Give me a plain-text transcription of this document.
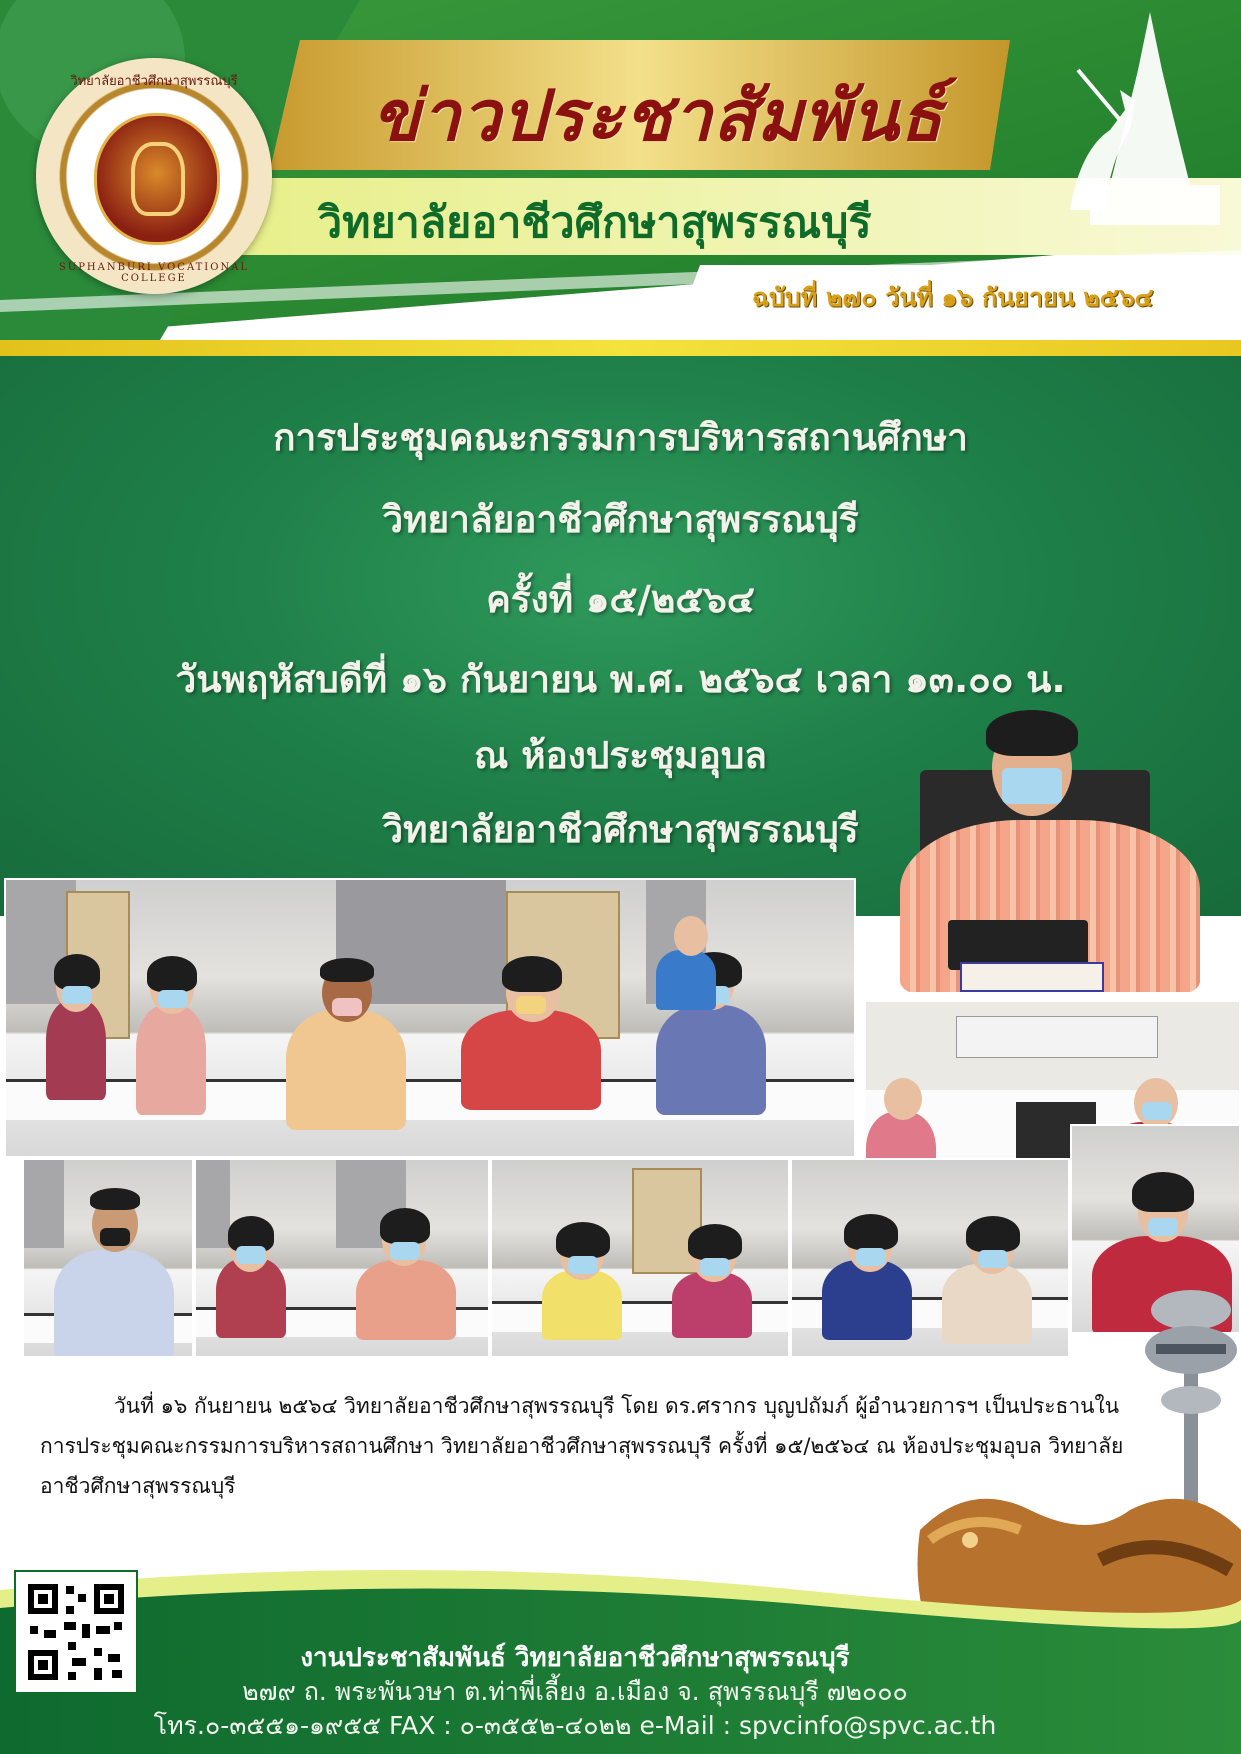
วิทยาลัยอาชีวศึกษาสุพรรณบุรี
SUPHANBURI VOCATIONAL COLLEGE
ข่าวประชาสัมพันธ์
วิทยาลัยอาชีวศึกษาสุพรรณบุรี
ฉบับที่ ๒๗๐ วันที่ ๑๖ กันยายน ๒๕๖๔
การประชุมคณะกรรมการบริหารสถานศึกษา
วิทยาลัยอาชีวศึกษาสุพรรณบุรี
ครั้งที่ ๑๕/๒๕๖๔
วันพฤหัสบดีที่ ๑๖ กันยายน พ.ศ. ๒๕๖๔ เวลา ๑๓.๐๐ น.
ณ ห้องประชุมอุบล
วิทยาลัยอาชีวศึกษาสุพรรณบุรี
วันที่ ๑๖ กันยายน ๒๕๖๔ วิทยาลัยอาชีวศึกษาสุพรรณบุรี โดย ดร.ศรากร บุญปถัมภ์ ผู้อำนวยการฯ เป็นประธานในการประชุมคณะกรรมการบริหารสถานศึกษา วิทยาลัยอาชีวศึกษาสุพรรณบุรี ครั้งที่ ๑๕/๒๕๖๔ ณ ห้องประชุมอุบล วิทยาลัยอาชีวศึกษาสุพรรณบุรี
งานประชาสัมพันธ์ วิทยาลัยอาชีวศึกษาสุพรรณบุรี
๒๗๙ ถ. พระพันวษา ต.ท่าพี่เลี้ยง อ.เมือง จ. สุพรรณบุรี ๗๒๐๐๐
โทร.๐-๓๕๕๑-๑๙๕๕ FAX : ๐-๓๕๕๒-๔๐๒๒ e-Mail : spvcinfo@spvc.ac.th
